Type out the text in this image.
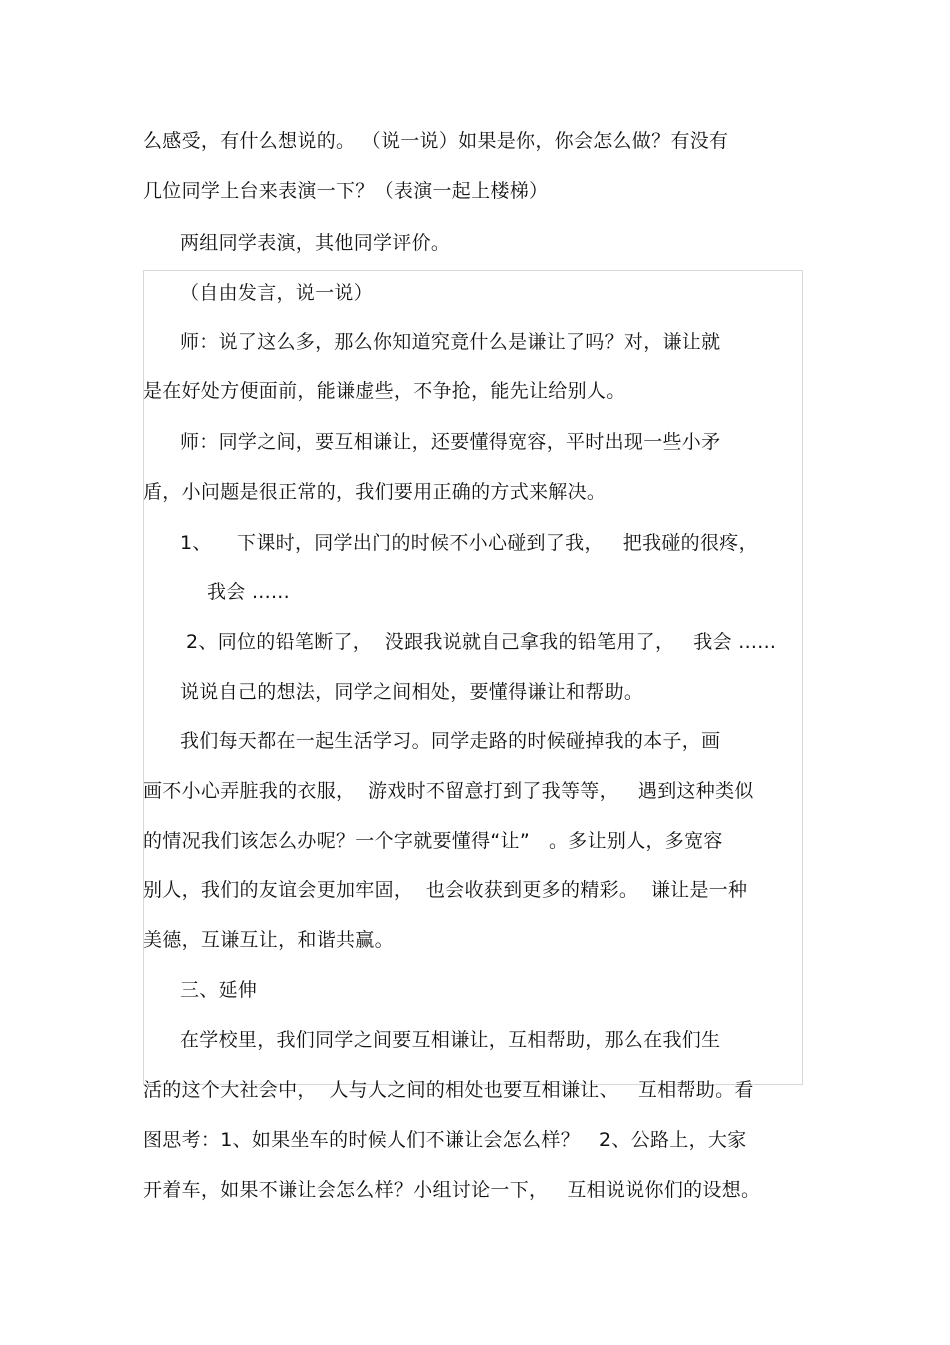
么感受，有什么想说的。 （说一说）如果是你，你会怎么做？有没有
几位同学上台来表演一下？（表演一起上楼梯）
两组同学表演，其他同学评价。
（自由发言，说一说）
师：说了这么多，那么你知道究竟什么是谦让了吗？对，谦让就
是在好处方便面前，能谦虚些，不争抢，能先让给别人。
师：同学之间，要互相谦让，还要懂得宽容，平时出现一些小矛
盾，小问题是很正常的，我们要用正确的方式来解决。
1、    下课时，同学出门的时候不小心碰到了我，   把我碰的很疼，
我会 ......
2、同位的铅笔断了，  没跟我说就自己拿我的铅笔用了，   我会 ......
说说自己的想法，同学之间相处，要懂得谦让和帮助。
我们每天都在一起生活学习。同学走路的时候碰掉我的本子，画
画不小心弄脏我的衣服，  游戏时不留意打到了我等等，   遇到这种类似
的情况我们该怎么办呢？一个字就要懂得“让”   。多让别人，多宽容
别人，我们的友谊会更加牢固，  也会收获到更多的精彩。  谦让是一种
美德，互谦互让，和谐共赢。
三、延伸
在学校里，我们同学之间要互相谦让，互相帮助，那么在我们生
活的这个大社会中，  人与人之间的相处也要互相谦让、   互相帮助。看
图思考：1、如果坐车的时候人们不谦让会怎么样？   2、公路上，大家
开着车，如果不谦让会怎么样？小组讨论一下，   互相说说你们的设想。
